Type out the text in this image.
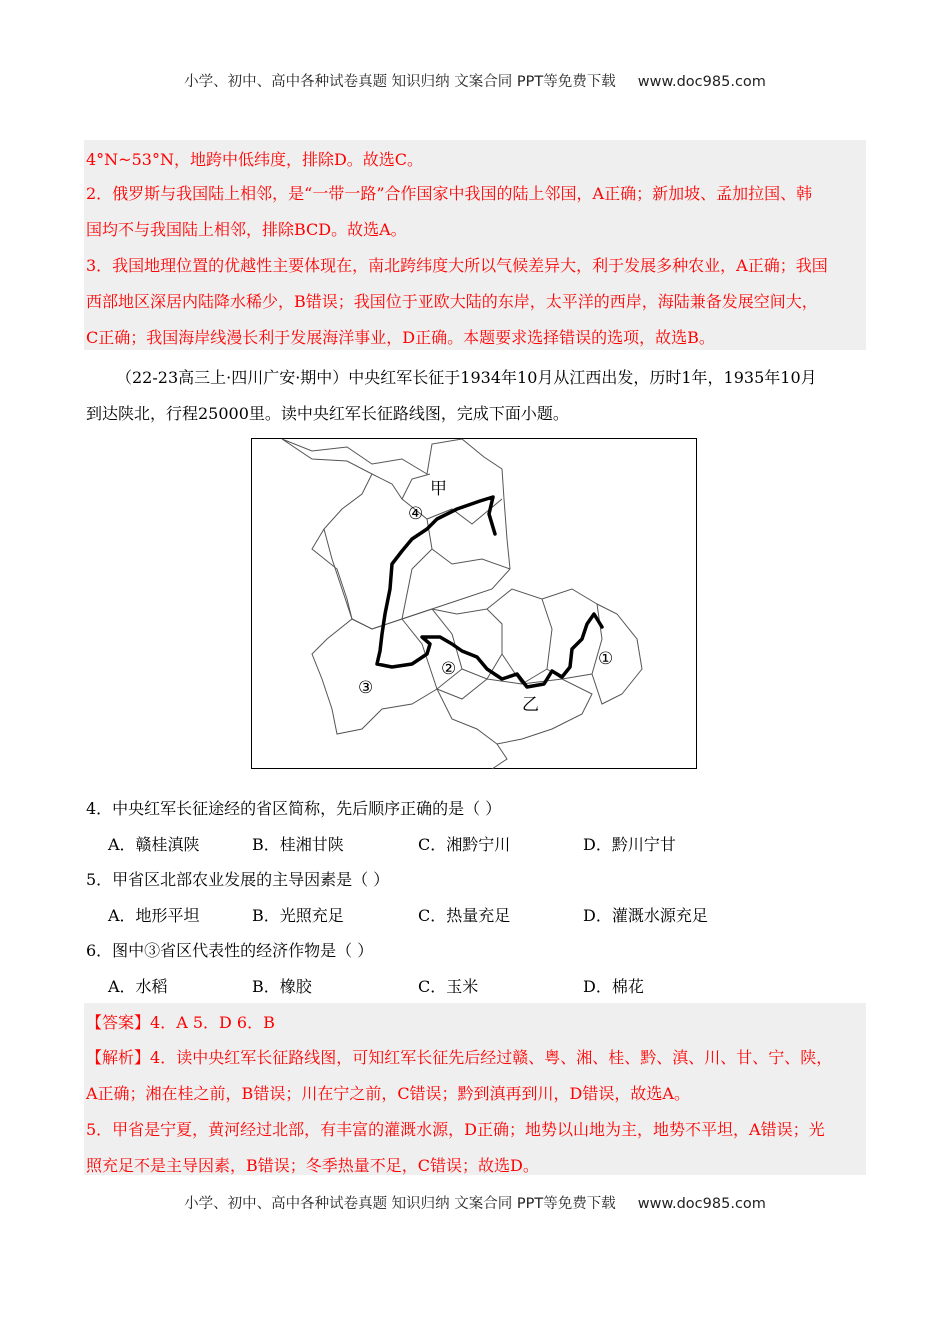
小学、初中、高中各种试卷真题 知识归纳 文案合同 PPT等免费下载 www.doc985.com
4°N~53°N，地跨中低纬度，排除D。故选C。
2．俄罗斯与我国陆上相邻，是“一带一路”合作国家中我国的陆上邻国，A正确；新加坡、孟加拉国、韩
国均不与我国陆上相邻，排除BCD。故选A。
3．我国地理位置的优越性主要体现在，南北跨纬度大所以气候差异大，利于发展多种农业，A正确；我国
西部地区深居内陆降水稀少，B错误；我国位于亚欧大陆的东岸，太平洋的西岸，海陆兼备发展空间大，
C正确；我国海岸线漫长利于发展海洋事业，D正确。本题要求选择错误的选项，故选B。
（22-23高三上·四川广安·期中）中央红军长征于1934年10月从江西出发，历时1年，1935年10月
到达陕北，行程25000里。读中央红军长征路线图，完成下面小题。
甲
④
③
②
乙
①
4．中央红军长征途经的省区简称，先后顺序正确的是（ ）
A．赣桂滇陕	B．桂湘甘陕	C．湘黔宁川	D．黔川宁甘
5．甲省区北部农业发展的主导因素是（ ）
A．地形平坦	B．光照充足	C．热量充足	D．灌溉水源充足
6．图中③省区代表性的经济作物是（ ）
A．水稻	B．橡胶	C．玉米	D．棉花
【答案】4．A 5．D 6．B
【解析】4．读中央红军长征路线图，可知红军长征先后经过赣、粤、湘、桂、黔、滇、川、甘、宁、陕，
A正确；湘在桂之前，B错误；川在宁之前，C错误；黔到滇再到川，D错误，故选A。
5．甲省是宁夏，黄河经过北部，有丰富的灌溉水源，D正确；地势以山地为主，地势不平坦，A错误；光
照充足不是主导因素，B错误；冬季热量不足，C错误；故选D。
小学、初中、高中各种试卷真题 知识归纳 文案合同 PPT等免费下载 www.doc985.com
